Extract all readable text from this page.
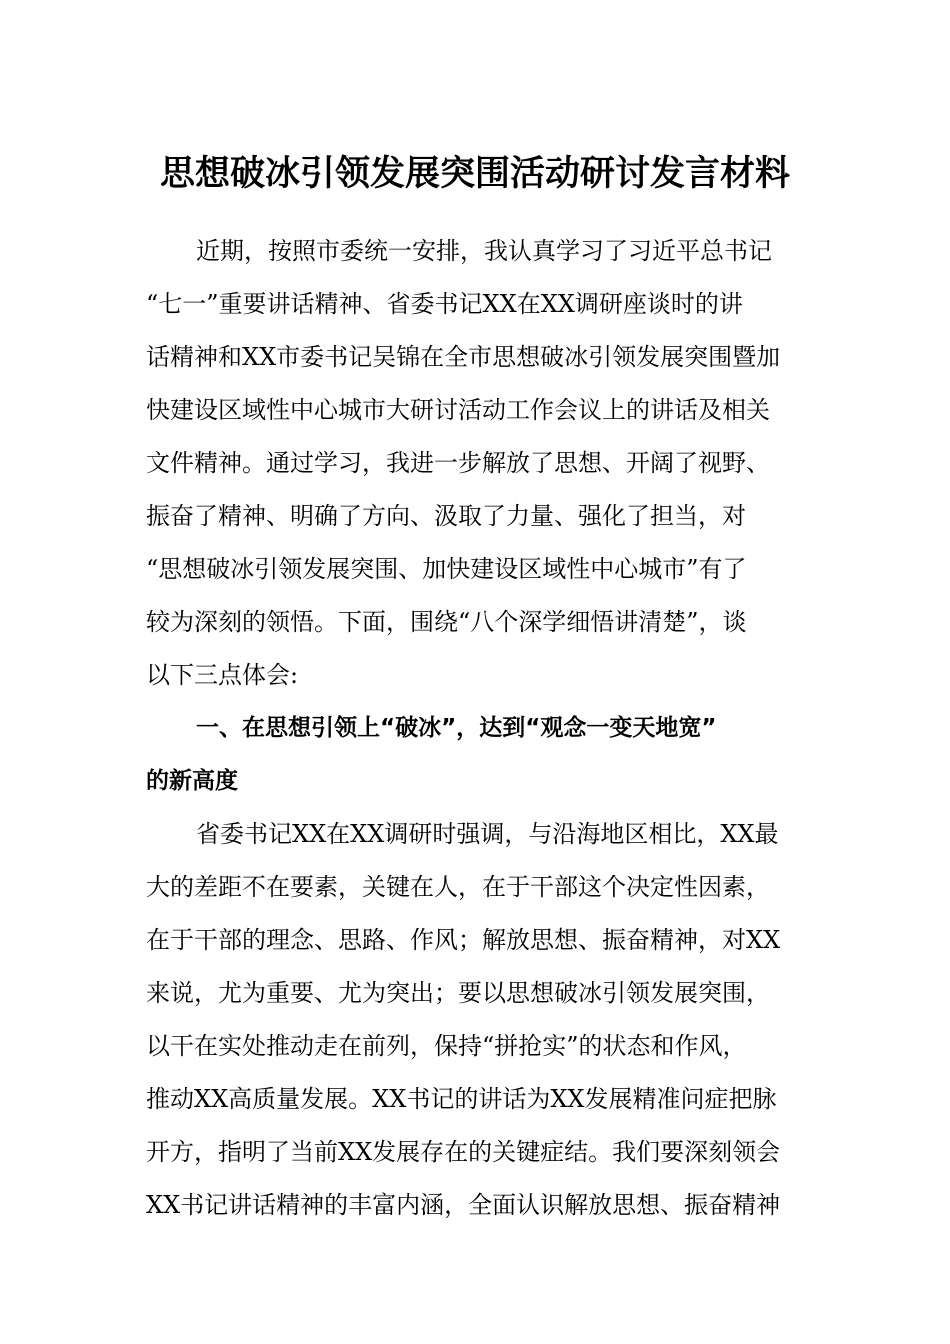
思想破冰引领发展突围活动研讨发言材料

近期，按照市委统一安排，我认真学习了习近平总书记

“七一”重要讲话精神、省委书记XX在XX调研座谈时的讲

话精神和XX市委书记吴锦在全市思想破冰引领发展突围暨加

快建设区域性中心城市大研讨活动工作会议上的讲话及相关

文件精神。通过学习，我进一步解放了思想、开阔了视野、

振奋了精神、明确了方向、汲取了力量、强化了担当，对

“思想破冰引领发展突围、加快建设区域性中心城市”有了

较为深刻的领悟。下面，围绕“八个深学细悟讲清楚”，谈

以下三点体会:

一、在思想引领上“破冰”，达到“观念一变天地宽”

的新高度

省委书记XX在XX调研时强调，与沿海地区相比，XX最

大的差距不在要素，关键在人，在于干部这个决定性因素，

在于干部的理念、思路、作风；解放思想、振奋精神，对XX

来说，尤为重要、尤为突出；要以思想破冰引领发展突围，

以干在实处推动走在前列，保持“拼抢实”的状态和作风，

推动XX高质量发展。XX书记的讲话为XX发展精准问症把脉

开方，指明了当前XX发展存在的关键症结。我们要深刻领会

XX书记讲话精神的丰富内涵，全面认识解放思想、振奋精神
